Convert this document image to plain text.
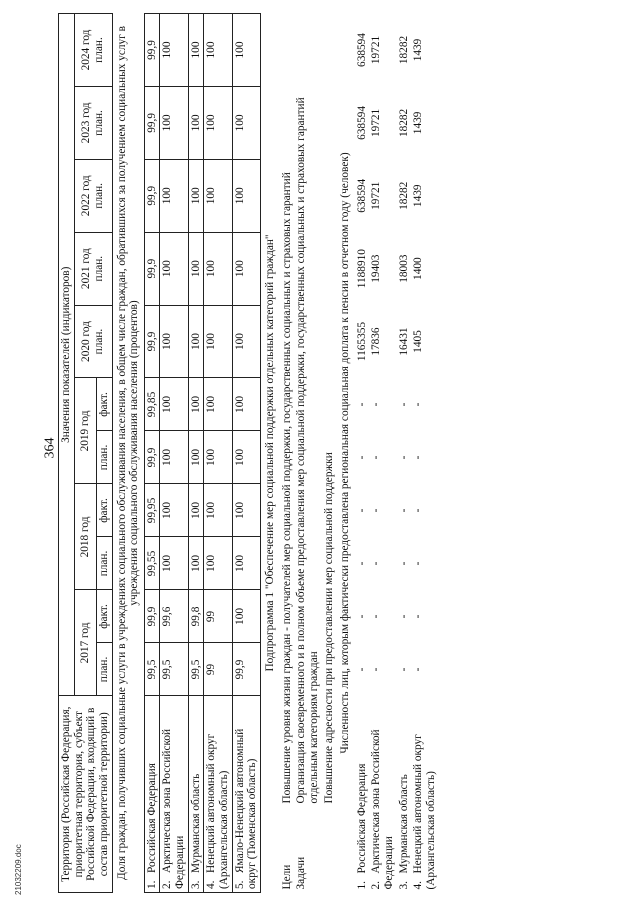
364
21032209.doc	Территория (Российская Федерация, приоритетная территория, субъект Российской Федерации, входящий в состав приоритетной территории)	Значения показателей (индикаторов)										
	2017 год		2018 год		2019 год		2020 год план.	2021 год план.	2022 год план.	2023 год план.	2024 год план.
	план.	факт.	план.	факт.	план.	факт.					
Доля граждан, получивших социальные услуги в учреждениях социального обслуживания населения, в общем числе граждан, обратившихся за получением социальных услуг в учреждения социального обслуживания населения (процентов)											
1.Российская Федерация	99,5	99,9	99,55	99,95	99,9	99,85	99,9	99,9	99,9	99,9	99,9
2.Арктическая зона Российской Федерации	99,5	99,6	100	100	100	100	100	100	100	100	100
3.Мурманская область	99,5	99,8	100	100	100	100	100	100	100	100	100
4.Ненецкий автономный округ (Архангельская область)	99	99	100	100	100	100	100	100	100	100	100
5.Ямало-Ненецкий автономный округ (Тюменская область)	99,9	100	100	100	100	100	100	100	100	100	100
Подпрограмма 1 "Обеспечение мер социальной поддержки отдельных категорий граждан"											
ЦелиПовышение уровня жизни граждан - получателей мер социальной поддержки, государственных социальных и страховых гарантий											
ЗадачиОрганизация своевременного и в полном объеме предоставления мер социальной поддержки, государственных социальных и страховых гарантий отдельным категориям граждан											
Повышение адресности при предоставлении мер социальной поддержки											
Численность лиц, которым фактически предоставлена региональная социальная доплата к пенсии в отчетном году (человек)											
1.Российская Федерация	-	-	-	-	-	-	1165355	1188910	638594	638594	638594
2.Арктическая зона Российской Федерации	-	-	-	-	-	-	17836	19403	19721	19721	19721
3.Мурманская область	-	-	-	-	-	-	16431	18003	18282	18282	18282
4.Ненецкий автономный округ (Архангельская область)	-	-	-	-	-	-	1405	1400	1439	1439	1439
